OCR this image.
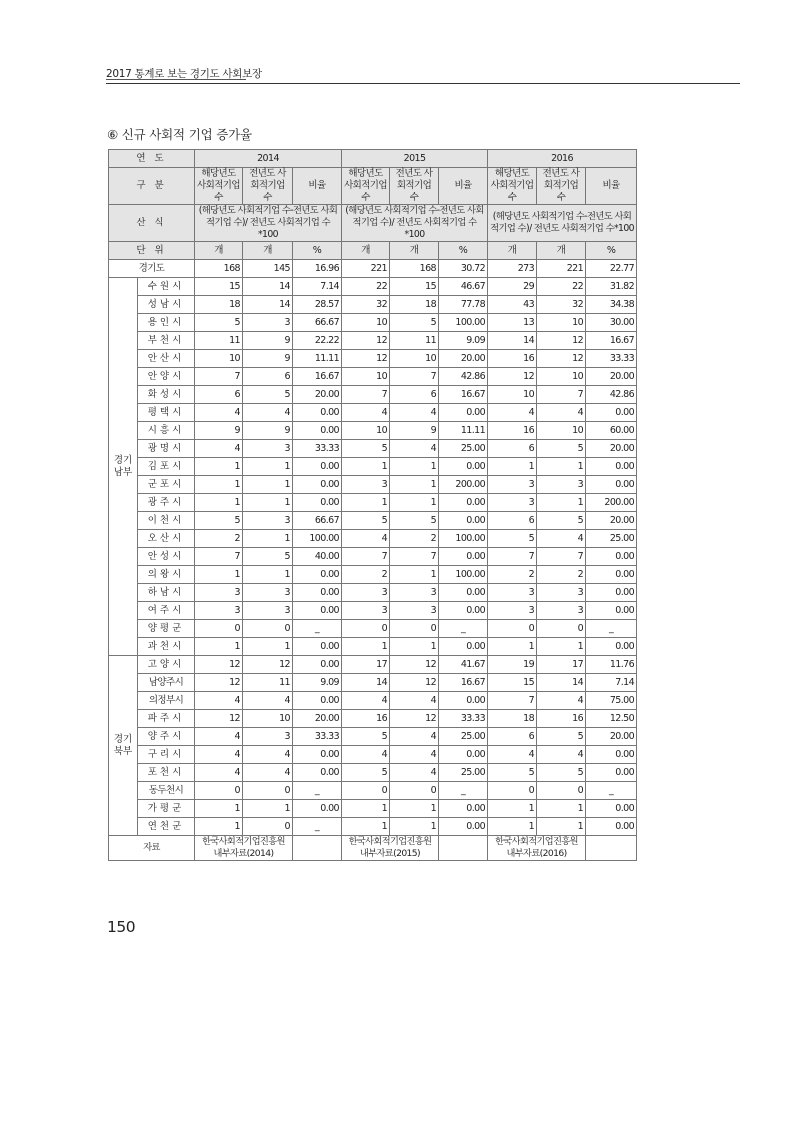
2017 통계로 보는 경기도 사회보장
⑥ 신규 사회적 기업 증가율
연 도		2014			2015			2016		
구 분		해당년도 사회적기업 수	전년도 사회적기업 수	비율	해당년도 사회적기업 수	전년도 사회적기업 수	비율	해당년도 사회적기업 수	전년도 사회적기업 수	비율
산 식		(해당년도 사회적기업 수-전년도 사회적기업 수)/ 전년도 사회적기업 수*100			(해당년도 사회적기업 수-전년도 사회적기업 수)/ 전년도 사회적기업 수*100			(해당년도 사회적기업 수-전년도 사회적기업 수)/ 전년도 사회적기업 수*100		
단 위		개	개	%	개	개	%	개	개	%
경기도		168	145	16.96	221	168	30.72	273	221	22.77
경기 남부	수원시	15	14	7.14	22	15	46.67	29	22	31.82
	성남시	18	14	28.57	32	18	77.78	43	32	34.38
	용인시	5	3	66.67	10	5	100.00	13	10	30.00
	부천시	11	9	22.22	12	11	9.09	14	12	16.67
	안산시	10	9	11.11	12	10	20.00	16	12	33.33
	안양시	7	6	16.67	10	7	42.86	12	10	20.00
	화성시	6	5	20.00	7	6	16.67	10	7	42.86
	평택시	4	4	0.00	4	4	0.00	4	4	0.00
	시흥시	9	9	0.00	10	9	11.11	16	10	60.00
	광명시	4	3	33.33	5	4	25.00	6	5	20.00
	김포시	1	1	0.00	1	1	0.00	1	1	0.00
	군포시	1	1	0.00	3	1	200.00	3	3	0.00
	광주시	1	1	0.00	1	1	0.00	3	1	200.00
	이천시	5	3	66.67	5	5	0.00	6	5	20.00
	오산시	2	1	100.00	4	2	100.00	5	4	25.00
	안성시	7	5	40.00	7	7	0.00	7	7	0.00
	의왕시	1	1	0.00	2	1	100.00	2	2	0.00
	하남시	3	3	0.00	3	3	0.00	3	3	0.00
	여주시	3	3	0.00	3	3	0.00	3	3	0.00
	양평군	0	0	_	0	0	_	0	0	_
	과천시	1	1	0.00	1	1	0.00	1	1	0.00
경기 북부	고양시	12	12	0.00	17	12	41.67	19	17	11.76
	남양주시	12	11	9.09	14	12	16.67	15	14	7.14
	의정부시	4	4	0.00	4	4	0.00	7	4	75.00
	파주시	12	10	20.00	16	12	33.33	18	16	12.50
	양주시	4	3	33.33	5	4	25.00	6	5	20.00
	구리시	4	4	0.00	4	4	0.00	4	4	0.00
	포천시	4	4	0.00	5	4	25.00	5	5	0.00
	동두천시	0	0	_	0	0	_	0	0	_
	가평군	1	1	0.00	1	1	0.00	1	1	0.00
	연천군	1	0	_	1	1	0.00	1	1	0.00
자료		한국사회적기업진흥원 내부자료(2014)			한국사회적기업진흥원 내부자료(2015)			한국사회적기업진흥원 내부자료(2016)		
150
